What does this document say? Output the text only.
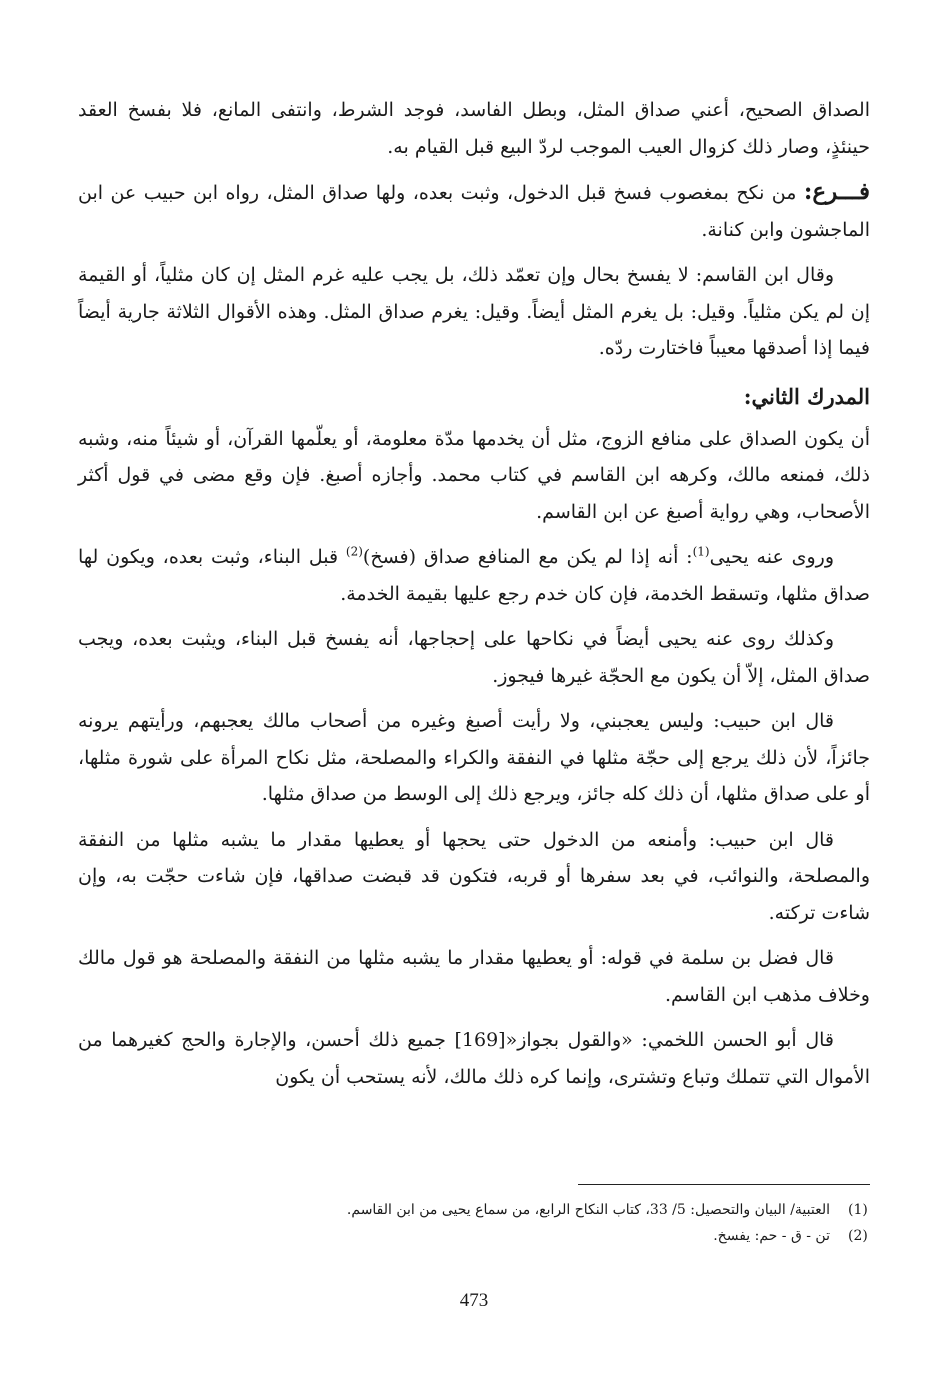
الصداق الصحيح، أعني صداق المثل، وبطل الفاسد، فوجد الشرط، وانتفى المانع، فلا بفسخ العقد حينئذٍ، وصار ذلك كزوال العيب الموجب لردّ البيع قبل القيام به.

فـــرع: من نكح بمغصوب فسخ قبل الدخول، وثبت بعده، ولها صداق المثل، رواه ابن حبيب عن ابن الماجشون وابن كنانة.

وقال ابن القاسم: لا يفسخ بحال وإن تعمّد ذلك، بل يجب عليه غرم المثل إن كان مثلياً، أو القيمة إن لم يكن مثلياً. وقيل: بل يغرم المثل أيضاً. وقيل: يغرم صداق المثل. وهذه الأقوال الثلاثة جارية أيضاً فيما إذا أصدقها معيباً فاختارت ردّه.

المدرك الثاني:

أن يكون الصداق على منافع الزوج، مثل أن يخدمها مدّة معلومة، أو يعلّمها القرآن، أو شيئاً منه، وشبه ذلك، فمنعه مالك، وكرهه ابن القاسم في كتاب محمد. وأجازه أصبغ. فإن وقع مضى في قول أكثر الأصحاب، وهي رواية أصبغ عن ابن القاسم.

وروى عنه يحيى$^{(1)}$: أنه إذا لم يكن مع المنافع صداق (فسخ)$^{(2)}$ قبل البناء، وثبت بعده، ويكون لها صداق مثلها، وتسقط الخدمة، فإن كان خدم رجع عليها بقيمة الخدمة.

وكذلك روى عنه يحيى أيضاً في نكاحها على إحجاجها، أنه يفسخ قبل البناء، ويثبت بعده، ويجب صداق المثل، إلاّ أن يكون مع الحجّة غيرها فيجوز.

قال ابن حبيب: وليس يعجبني، ولا رأيت أصبغ وغيره من أصحاب مالك يعجبهم، ورأيتهم يرونه جائزاً، لأن ذلك يرجع إلى حجّة مثلها في النفقة والكراء والمصلحة، مثل نكاح المرأة على شورة مثلها، أو على صداق مثلها، أن ذلك كله جائز، ويرجع ذلك إلى الوسط من صداق مثلها.

قال ابن حبيب: وأمنعه من الدخول حتى يحجها أو يعطيها مقدار ما يشبه مثلها من النفقة والمصلحة، والنوائب، في بعد سفرها أو قربه، فتكون قد قبضت صداقها، فإن شاءت حجّت به، وإن شاءت تركته.

قال فضل بن سلمة في قوله: أو يعطيها مقدار ما يشبه مثلها من النفقة والمصلحة هو قول مالك وخلاف مذهب ابن القاسم.

قال أبو الحسن اللخمي: «والقول بجواز«[169] جميع ذلك أحسن، والإجارة والحج كغيرهما من الأموال التي تتملك وتباع وتشترى، وإنما كره ذلك مالك، لأنه يستحب أن يكون

(1)
العتبية/ البيان والتحصيل: 5/ 33، كتاب النكاح الرابع، من سماع يحيى من ابن القاسم.
(2)
تن - ق - حم: يفسخ.
473
